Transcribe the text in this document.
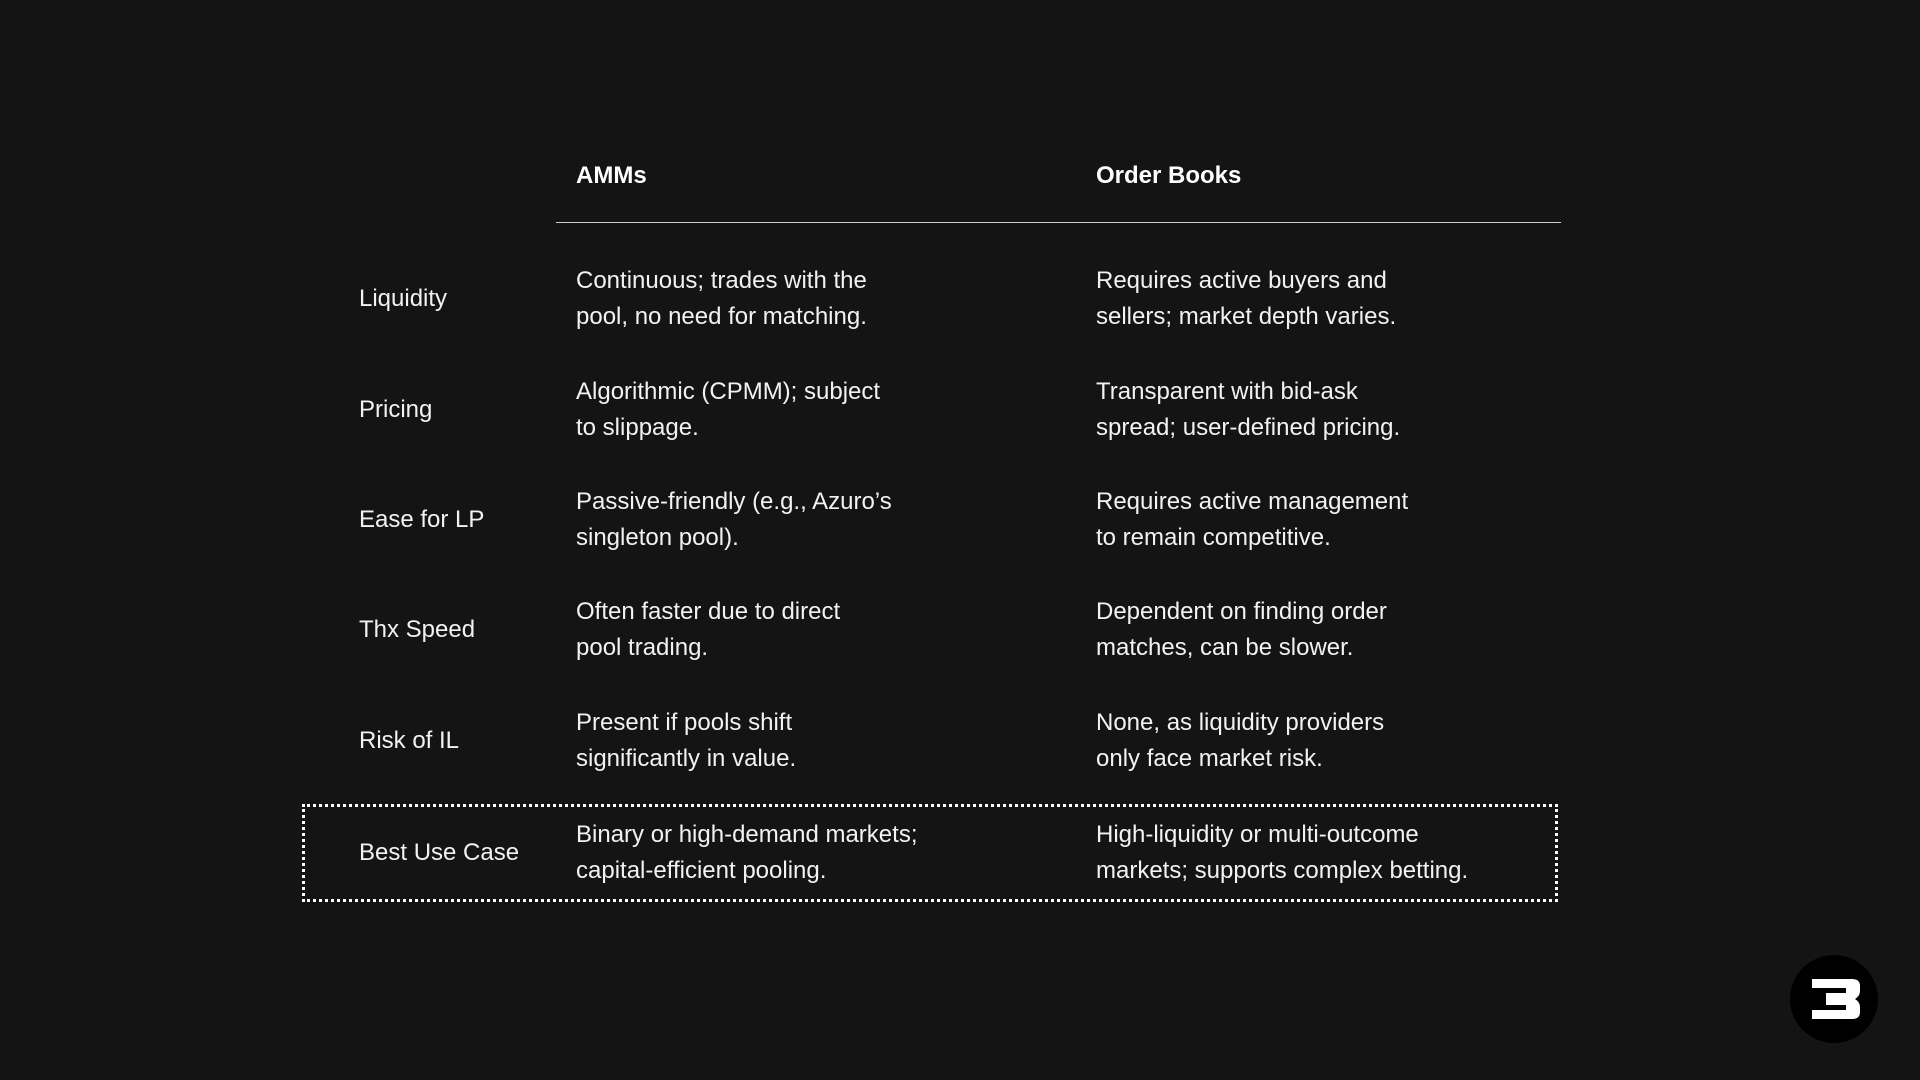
AMMs	Order Books
Liquidity
Continuous; trades with the
pool, no need for matching.
Requires active buyers and
sellers; market depth varies.
Pricing
Algorithmic (CPMM); subject
to slippage.
Transparent with bid-ask
spread; user-defined pricing.
Ease for LP
Passive-friendly (e.g., Azuro’s
singleton pool).
Requires active management
to remain competitive.
Thx Speed
Often faster due to direct
pool trading.
Dependent on finding order
matches, can be slower.
Risk of IL
Present if pools shift
significantly in value.
None, as liquidity providers
only face market risk.
Best Use Case
Binary or high-demand markets;
capital-efficient pooling.
High-liquidity or multi-outcome
markets; supports complex betting.
